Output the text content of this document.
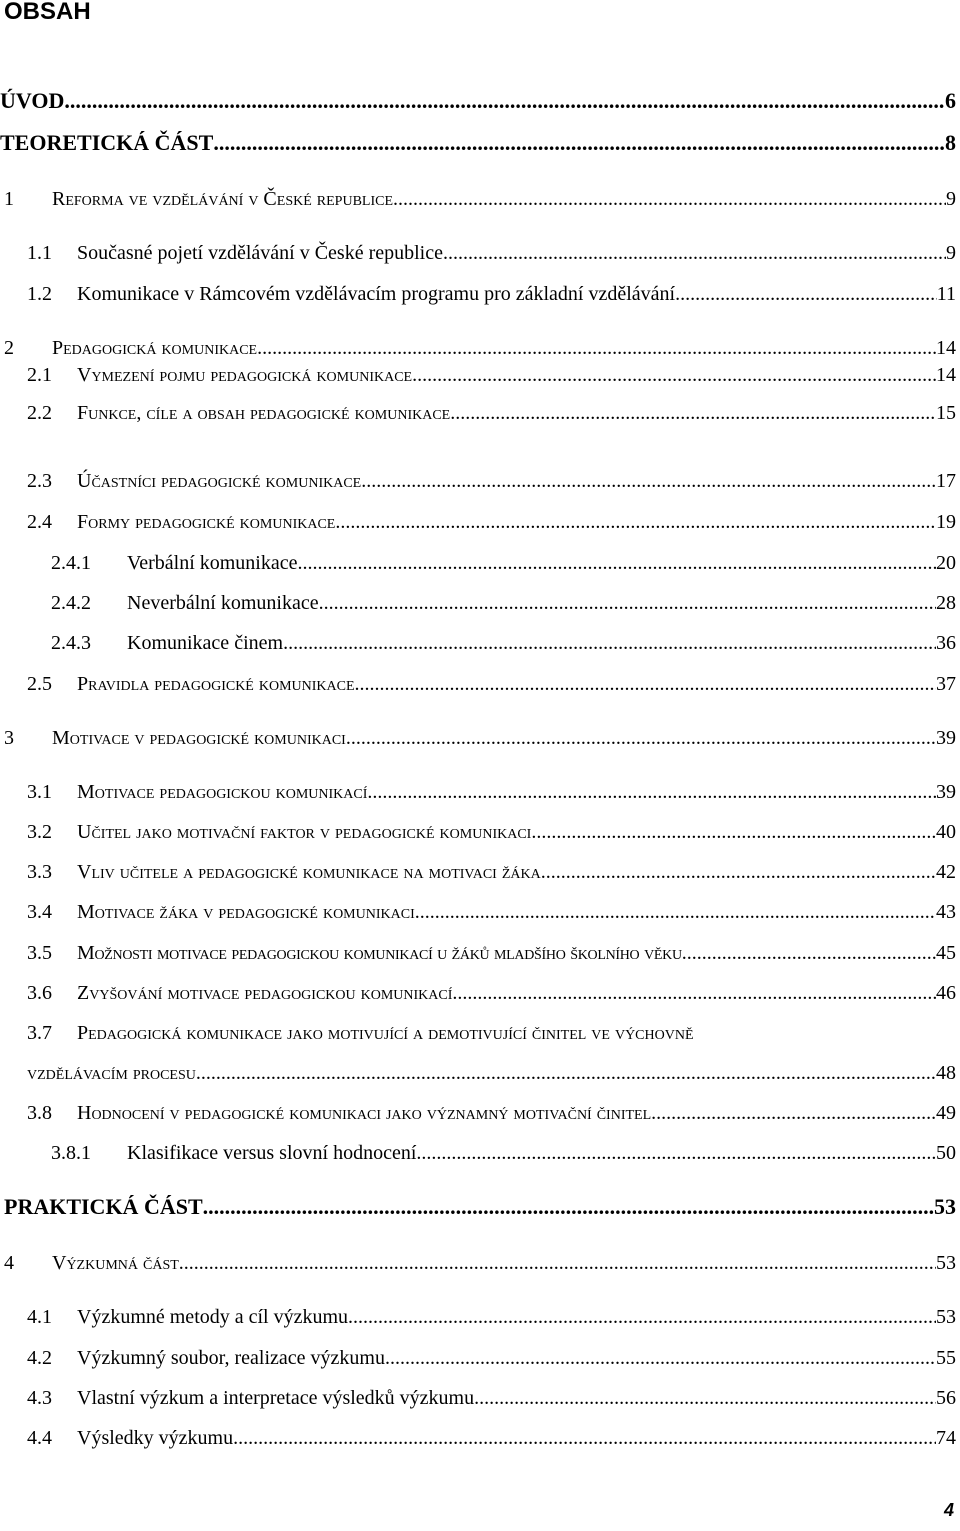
OBSAH
ÚVOD .....	6
TEORETICKÁ ČÁST .....	8
1	Reforma ve vzdělávání v České republice .....	9
1.1	Současné pojetí vzdělávání v České republice .....	9
1.2	Komunikace v Rámcovém vzdělávacím programu pro základní vzdělávání .....	11
2	Pedagogická komunikace .....	14
2.1	Vymezení pojmu pedagogická komunikace .....	14
2.2	Funkce, cíle a obsah pedagogické komunikace .....	15
2.3	Účastníci pedagogické komunikace .....	17
2.4	Formy pedagogické komunikace .....	19
2.4.1	Verbální komunikace .....	20
2.4.2	Neverbální komunikace .....	28
2.4.3	Komunikace činem .....	36
2.5	Pravidla pedagogické komunikace .....	37
3	Motivace v pedagogické komunikaci .....	39
3.1	Motivace pedagogickou komunikací .....	39
3.2	Učitel jako motivační faktor v pedagogické komunikaci .....	40
3.3	Vliv učitele a pedagogické komunikace na motivaci žáka .....	42
3.4	Motivace žáka v pedagogické komunikaci .....	43
3.5	Možnosti motivace pedagogickou komunikací u žáků mladšího školního věku .....	45
3.6	Zvyšování motivace pedagogickou komunikací .....	46
3.7	Pedagogická komunikace jako motivující a demotivující činitel ve výchovně
vzdělávacím procesu .....	48
3.8	Hodnocení v pedagogické komunikaci jako významný motivační činitel .....	49
3.8.1	Klasifikace versus slovní hodnocení .....	50
PRAKTICKÁ ČÁST .....	53
4	Výzkumná část .....	53
4.1	Výzkumné metody a cíl výzkumu .....	53
4.2	Výzkumný soubor, realizace výzkumu .....	55
4.3	Vlastní výzkum a interpretace výsledků výzkumu .....	56
4.4	Výsledky výzkumu .....	74
4
